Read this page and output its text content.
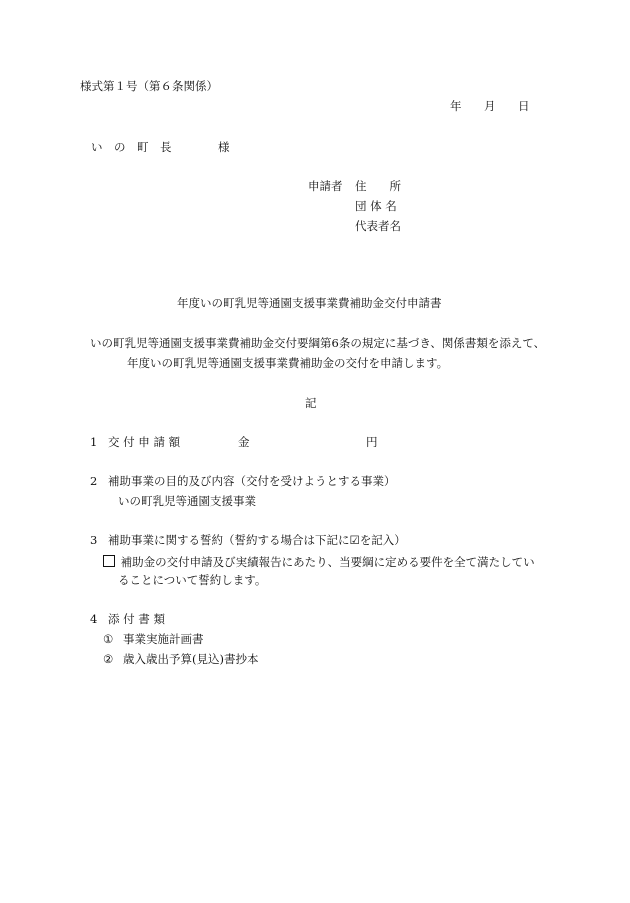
様式第１号（第６条関係）
年 月 日
い　の　町　長	様
申請者 住　　所
団 体 名
代表者名
年度いの町乳児等通園支援事業費補助金交付申請書
いの町乳児等通園支援事業費補助金交付要綱第6条の規定に基づき、関係書類を添えて、
年度いの町乳児等通園支援事業費補助金の交付を申請します。
記
1 交 付 申 請 額	金	円
2 補助事業の目的及び内容（交付を受けようとする事業）
いの町乳児等通園支援事業
3 補助事業に関する誓約（誓約する場合は下記に☑を記入）
補助金の交付申請及び実績報告にあたり、当要綱に定める要件を全て満たしてい
ることについて誓約します。
4 添 付 書 類
① 事業実施計画書
② 歳入歳出予算(見込)書抄本
